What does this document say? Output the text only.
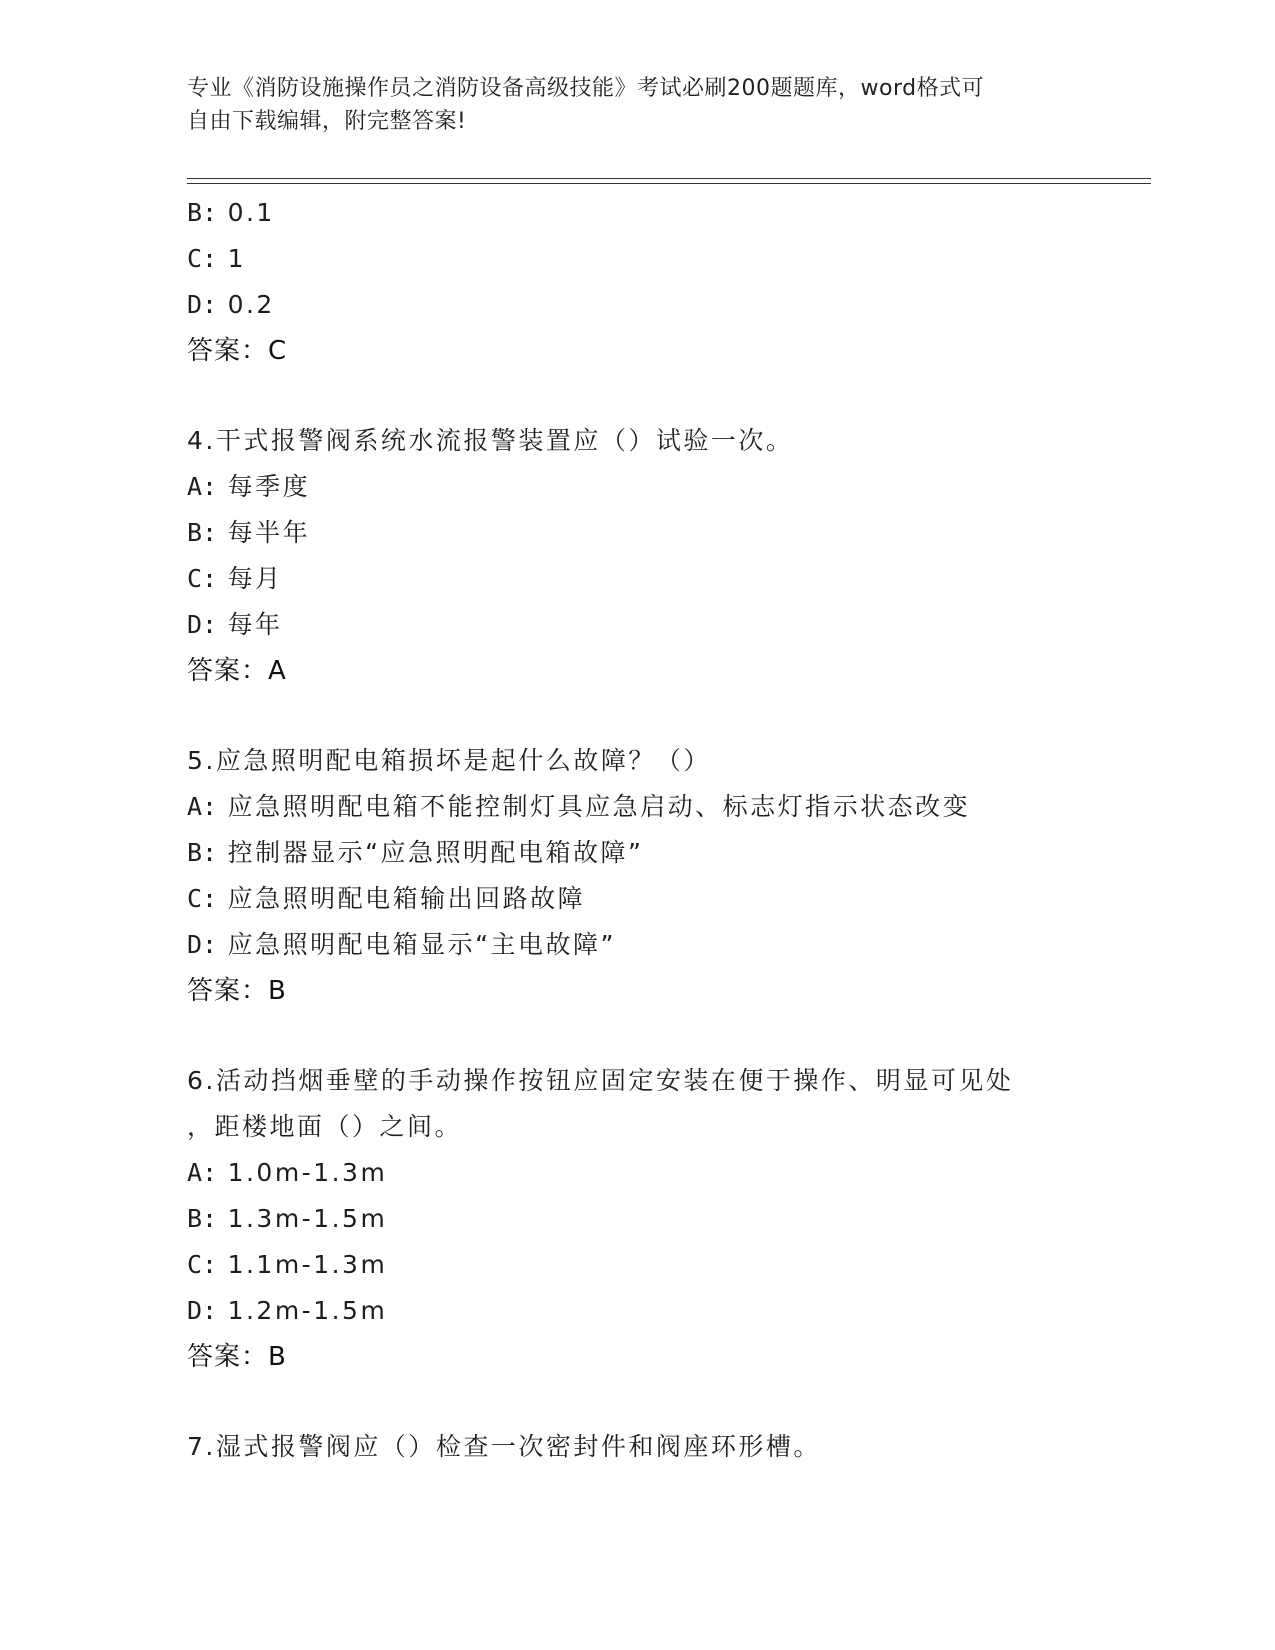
专业《消防设施操作员之消防设备高级技能》考试必刷200题题库，word格式可
自由下载编辑，附完整答案!
B: 0.1
C: 1
D: 0.2
答案：C
4.干式报警阀系统水流报警装置应（）试验一次。
A: 每季度
B: 每半年
C: 每月
D: 每年
答案：A
5.应急照明配电箱损坏是起什么故障？（）
A: 应急照明配电箱不能控制灯具应急启动、标志灯指示状态改变
B: 控制器显示“应急照明配电箱故障”
C: 应急照明配电箱输出回路故障
D: 应急照明配电箱显示“主电故障”
答案：B
6.活动挡烟垂壁的手动操作按钮应固定安装在便于操作、明显可见处
，距楼地面（）之间。
A: 1.0m-1.3m
B: 1.3m-1.5m
C: 1.1m-1.3m
D: 1.2m-1.5m
答案：B
7.湿式报警阀应（）检查一次密封件和阀座环形槽。
